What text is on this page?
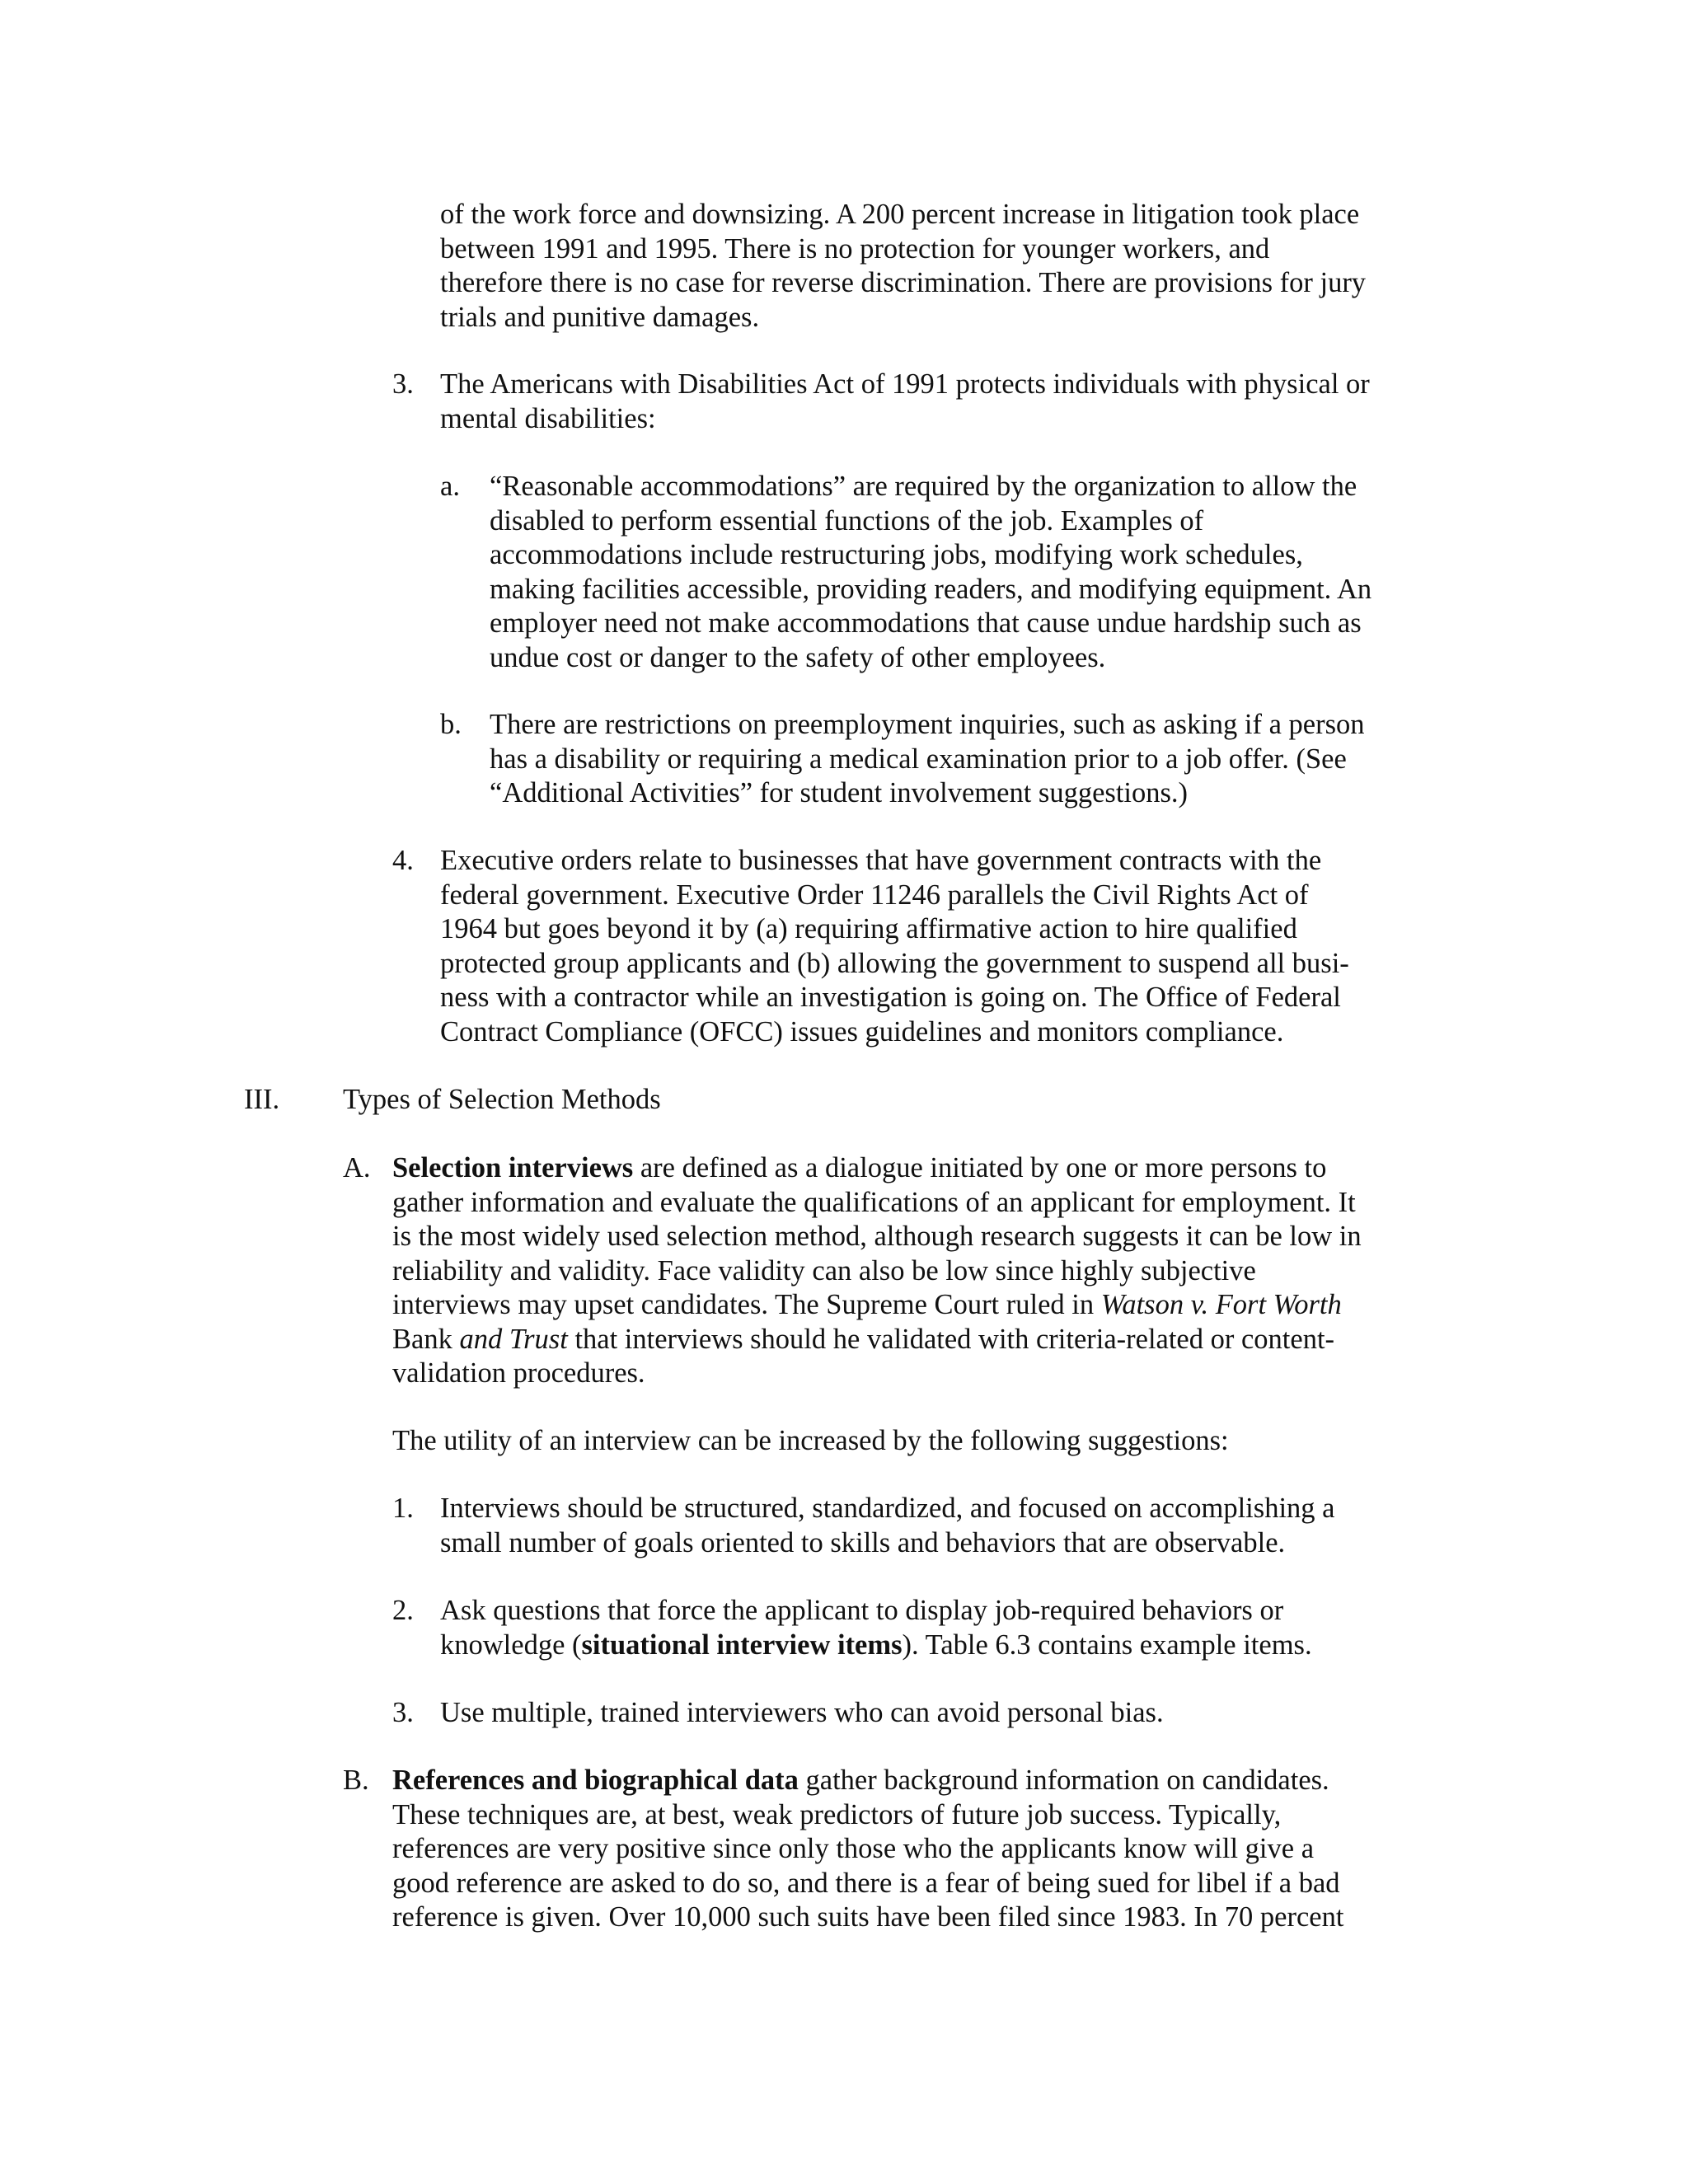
of the work force and downsizing. A 200 percent increase in litigation took place
between 1991 and 1995. There is no protection for younger workers, and
therefore there is no case for reverse discrimination. There are provisions for jury
trials and punitive damages.
3. The Americans with Disabilities Act of 1991 protects individuals with physical or
mental disabilities:
a. “Reasonable accommodations” are required by the organization to allow the
disabled to perform essential functions of the job. Examples of
accommodations include restructuring jobs, modifying work schedules,
making facilities accessible, providing readers, and modifying equipment. An
employer need not make accommodations that cause undue hardship such as
undue cost or danger to the safety of other employees.
b. There are restrictions on preemployment inquiries, such as asking if a person
has a disability or requiring a medical examination prior to a job offer. (See
“Additional Activities” for student involvement suggestions.)
4. Executive orders relate to businesses that have government contracts with the
federal government. Executive Order 11246 parallels the Civil Rights Act of
1964 but goes beyond it by (a) requiring affirmative action to hire qualified
protected group applicants and (b) allowing the government to suspend all busi-
ness with a contractor while an investigation is going on. The Office of Federal
Contract Compliance (OFCC) issues guidelines and monitors compliance.
III. Types of Selection Methods
A. Selection interviews are defined as a dialogue initiated by one or more persons to
gather information and evaluate the qualifications of an applicant for employment. It
is the most widely used selection method, although research suggests it can be low in
reliability and validity. Face validity can also be low since highly subjective
interviews may upset candidates. The Supreme Court ruled in Watson v. Fort Worth
Bank and Trust that interviews should he validated with criteria-related or content-
validation procedures.
The utility of an interview can be increased by the following suggestions:
1. Interviews should be structured, standardized, and focused on accomplishing a
small number of goals oriented to skills and behaviors that are observable.
2. Ask questions that force the applicant to display job-required behaviors or
knowledge (situational interview items). Table 6.3 contains example items.
3. Use multiple, trained interviewers who can avoid personal bias.
B. References and biographical data gather background information on candidates.
These techniques are, at best, weak predictors of future job success. Typically,
references are very positive since only those who the applicants know will give a
good reference are asked to do so, and there is a fear of being sued for libel if a bad
reference is given. Over 10,000 such suits have been filed since 1983. In 70 percent
